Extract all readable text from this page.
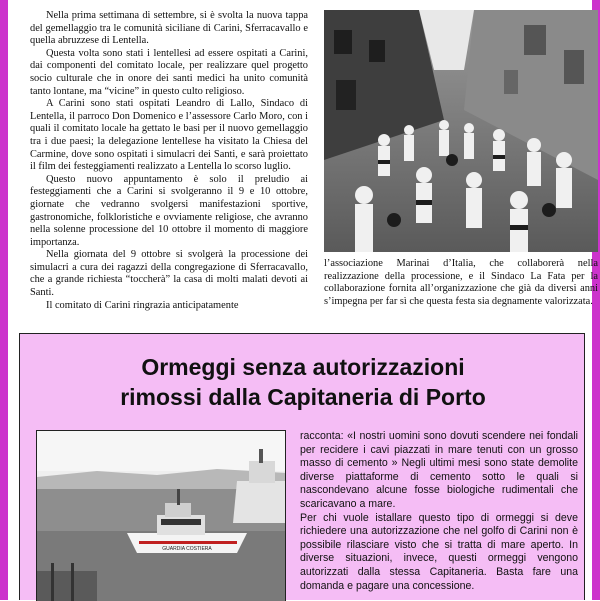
Nella prima settimana di settembre, si è svolta la nuova tappa del gemellaggio tra le comunità siciliane di Carini, Sferracavallo e quella abruzzese di Lentella.

Questa volta sono stati i lentellesi ad essere ospitati a Carini, dai componenti del comitato locale, per realizzare quel progetto socio culturale che in onore dei santi medici ha unito comunità tanto lontane, ma “vicine” in questo culto religioso.

A Carini sono stati ospitati Leandro di Lallo, Sindaco di Lentella, il parroco Don Domenico e l’assessore Carlo Moro, con i quali il comitato locale ha gettato le basi per il nuovo gemellaggio tra i due paesi; la delegazione lentellese ha visitato la Chiesa del Carmine, dove sono ospitati i simulacri dei Santi, e sarà proiettato il film dei festeggiamenti realizzato a Lentella lo scorso luglio.

Questo nuovo appuntamento è solo il preludio ai festeggiamenti che a Carini si svolgeranno il 9 e 10 ottobre, giornate che vedranno svolgersi manifestazioni sportive, gastronomiche, folkloristiche e ovviamente religiose, che avranno nella solenne processione del 10 ottobre il momento di maggiore importanza.

Nella giornata del 9 ottobre si svolgerà la processione dei simulacri a cura dei ragazzi della congregazione di Sferracavallo, che a grande richiesta “toccherà” la casa di molti malati devoti ai Santi.

Il comitato di Carini ringrazia anticipatamente

l’associazione Marinai d’Italia, che collaborerà nella realizzazione della processione, e il Sindaco La Fata per la collaborazione fornita all’organizzazione che già da diversi anni s’impegna per far sì che questa festa sia degnamente valorizzata.

Ormeggi senza autorizzazioni
rimossi dalla Capitaneria di Porto
GUARDIA COSTIERA

racconta: «I nostri uomini sono dovuti scendere nei fondali per recidere i cavi piazzati in mare tenuti con un grosso masso di cemento » Negli ultimi mesi sono state demolite diverse piattaforme di cemento sotto le quali si nascondevano alcune fosse biologiche rudimentali che scaricavano a mare.

Per chi vuole istallare questo tipo di ormeggi si deve richiedere una autorizzazione che nel golfo di Carini non è possibile rilasciare visto che si tratta di mare aperto. In diverse situazioni, invece, questi ormeggi vengono autorizzati dalla stessa Capitaneria. Basta fare una domanda e pagare una concessione.
